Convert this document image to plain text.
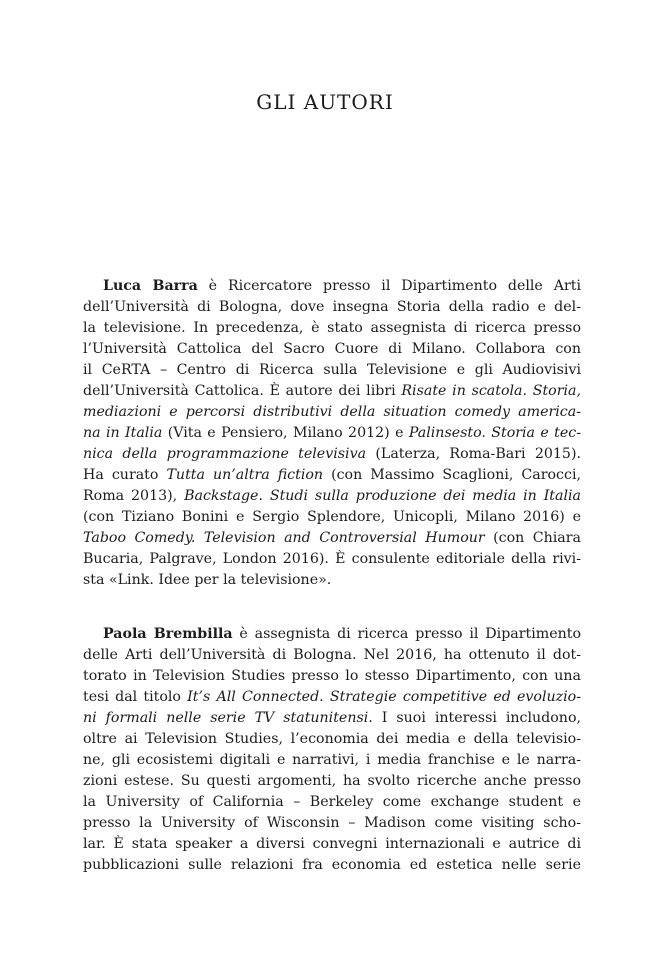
GLI AUTORI
Luca Barra è Ricercatore presso il Dipartimento delle Arti
dell’Università di Bologna, dove insegna Storia della radio e del-
la televisione. In precedenza, è stato assegnista di ricerca presso
l’Università Cattolica del Sacro Cuore di Milano. Collabora con
il CeRTA – Centro di Ricerca sulla Televisione e gli Audiovisivi
dell’Università Cattolica. È autore dei libri Risate in scatola. Storia,
mediazioni e percorsi distributivi della situation comedy america-
na in Italia (Vita e Pensiero, Milano 2012) e Palinsesto. Storia e tec-
nica della programmazione televisiva (Laterza, Roma-Bari 2015).
Ha curato Tutta un’altra fiction (con Massimo Scaglioni, Carocci,
Roma 2013), Backstage. Studi sulla produzione dei media in Italia
(con Tiziano Bonini e Sergio Splendore, Unicopli, Milano 2016) e
Taboo Comedy. Television and Controversial Humour (con Chiara
Bucaria, Palgrave, London 2016). È consulente editoriale della rivi-
sta «Link. Idee per la televisione».
Paola Brembilla è assegnista di ricerca presso il Dipartimento
delle Arti dell’Università di Bologna. Nel 2016, ha ottenuto il dot-
torato in Television Studies presso lo stesso Dipartimento, con una
tesi dal titolo It’s All Connected. Strategie competitive ed evoluzio-
ni formali nelle serie TV statunitensi. I suoi interessi includono,
oltre ai Television Studies, l’economia dei media e della televisio-
ne, gli ecosistemi digitali e narrativi, i media franchise e le narra-
zioni estese. Su questi argomenti, ha svolto ricerche anche presso
la University of California – Berkeley come exchange student e
presso la University of Wisconsin – Madison come visiting scho-
lar. È stata speaker a diversi convegni internazionali e autrice di
pubblicazioni sulle relazioni fra economia ed estetica nelle serie
